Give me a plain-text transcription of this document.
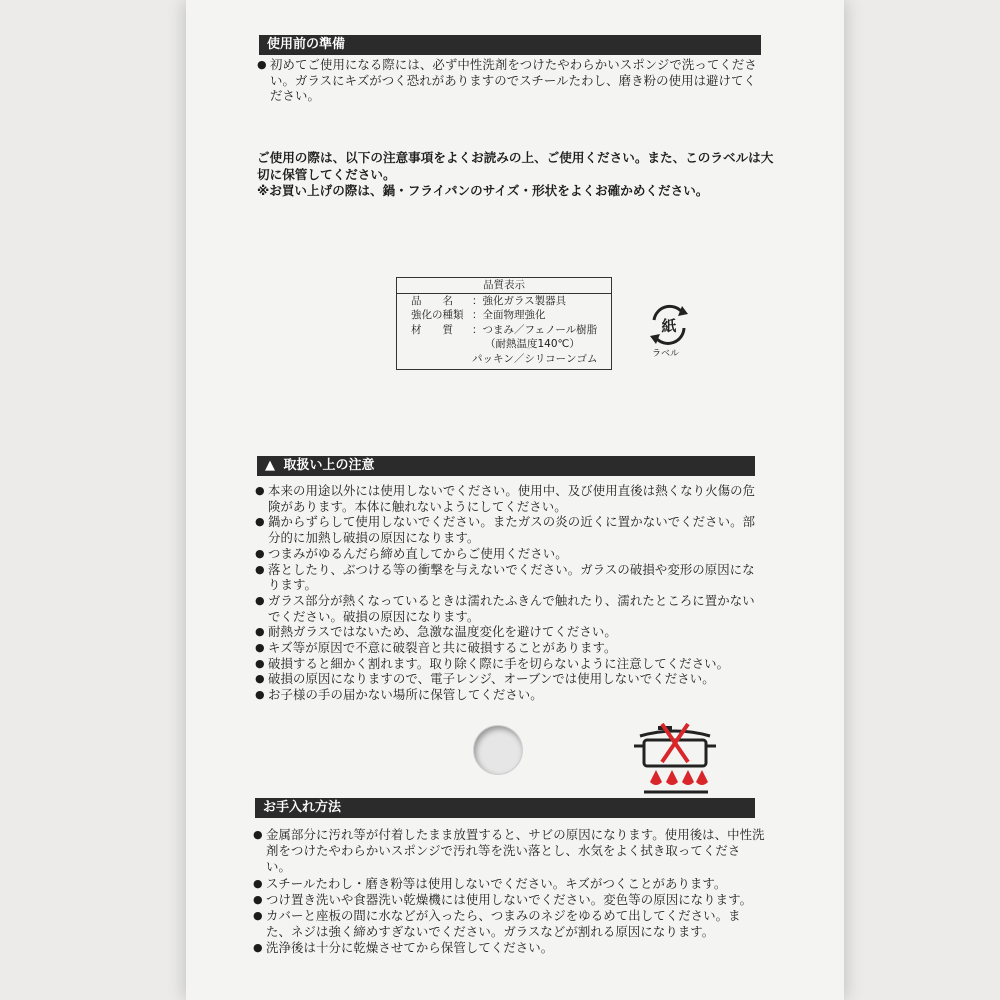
使用前の準備

● 初めてご使用になる際には、必ず中性洗剤をつけたやわらかいスポンジで洗ってください。ガラスにキズがつく恐れがありますのでスチールたわし、磨き粉の使用は避けてください。

ご使用の際は、以下の注意事項をよくお読みの上、ご使用ください。また、このラベルは大切に保管してください。

※お買い上げの際は、鍋・フライパンのサイズ・形状をよくお確かめください。

品質表示
品　　名	： 強化ガラス製器具
強化の種類 ： 全面物理強化
材　　質	： つまみ／フェノール樹脂
（耐熱温度140℃）
パッキン／シリコーンゴム
紙
ラベル
▲ 取扱い上の注意

● 本来の用途以外には使用しないでください。使用中、及び使用直後は熱くなり火傷の危険があります。本体に触れないようにしてください。

● 鍋からずらして使用しないでください。またガスの炎の近くに置かないでください。部分的に加熱し破損の原因になります。

● つまみがゆるんだら締め直してからご使用ください。

● 落としたり、ぶつける等の衝撃を与えないでください。ガラスの破損や変形の原因になります。

● ガラス部分が熱くなっているときは濡れたふきんで触れたり、濡れたところに置かないでください。破損の原因になります。

● 耐熱ガラスではないため、急激な温度変化を避けてください。

● キズ等が原因で不意に破裂音と共に破損することがあります。

● 破損すると細かく割れます。取り除く際に手を切らないように注意してください。

● 破損の原因になりますので、電子レンジ、オーブンでは使用しないでください。

● お子様の手の届かない場所に保管してください。

お手入れ方法

● 金属部分に汚れ等が付着したまま放置すると、サビの原因になります。使用後は、中性洗剤をつけたやわらかいスポンジで汚れ等を洗い落とし、水気をよく拭き取ってください。

● スチールたわし・磨き粉等は使用しないでください。キズがつくことがあります。

● つけ置き洗いや食器洗い乾燥機には使用しないでください。変色等の原因になります。

● カバーと座板の間に水などが入ったら、つまみのネジをゆるめて出してください。また、ネジは強く締めすぎないでください。ガラスなどが割れる原因になります。

● 洗浄後は十分に乾燥させてから保管してください。
